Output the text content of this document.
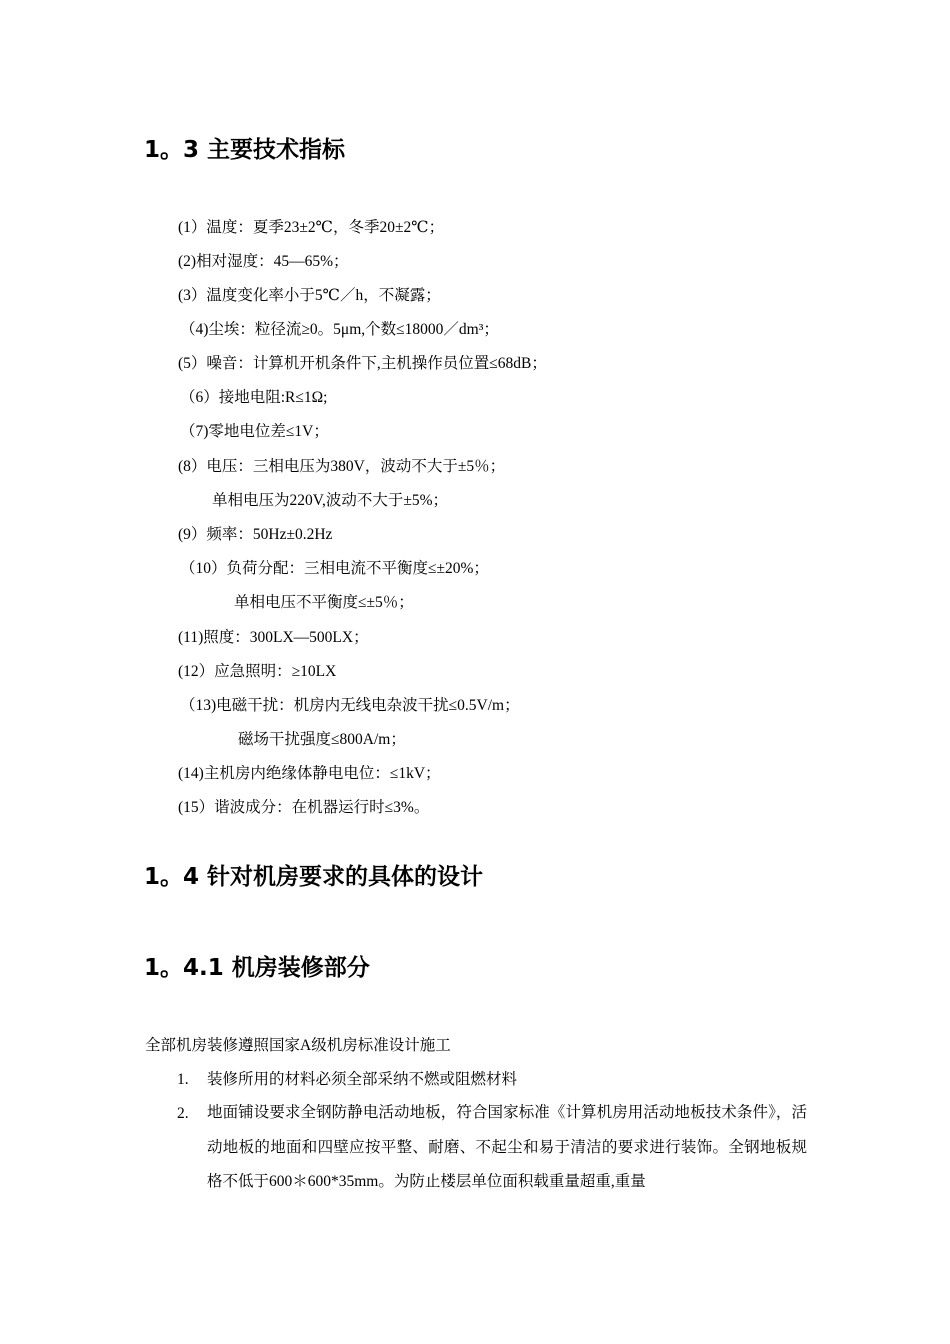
1。3 主要技术指标
(1）温度：夏季23±2℃，冬季20±2℃；
(2)相对湿度：45—65%；
(3）温度变化率小于5℃／h，不凝露；
（4)尘埃：粒径流≥0。5μm,个数≤18000／dm³；
(5）噪音：计算机开机条件下,主机操作员位置≤68dB；
（6）接地电阻:R≤1Ω;
（7)零地电位差≤1V；
(8）电压：三相电压为380V，波动不大于±5％；
单相电压为220V,波动不大于±5%；
(9）频率：50Hz±0.2Hz
（10）负荷分配：三相电流不平衡度≤±20%；
单相电压不平衡度≤±5％；
(11)照度：300LX—500LX；
(12）应急照明：≥10LX
（13)电磁干扰：机房内无线电杂波干扰≤0.5V/m；
磁场干扰强度≤800A/m；
(14)主机房内绝缘体静电电位：≤1kV；
(15）谐波成分：在机器运行时≤3%。
1。4 针对机房要求的具体的设计
1。4.1 机房装修部分
全部机房装修遵照国家A级机房标准设计施工
1. 装修所用的材料必须全部采纳不燃或阻燃材料
2. 地面铺设要求全钢防静电活动地板，符合国家标准《计算机房用活动地板技术条件》，活动地板的地面和四壁应按平整、耐磨、不起尘和易于清洁的要求进行装饰。全钢地板规格不低于600＊600*35mm。为防止楼层单位面积载重量超重,重量
